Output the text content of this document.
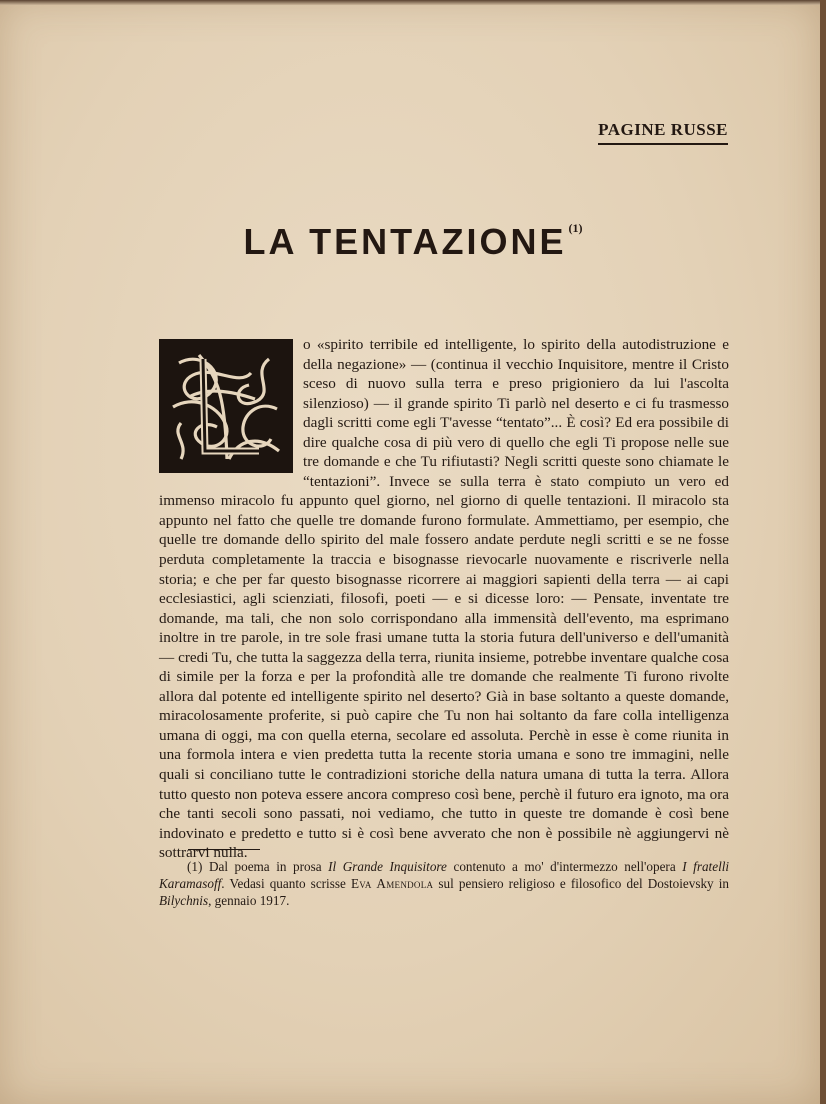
PAGINE RUSSE
LA TENTAZIONE $^{(1)}$

o «spirito terribile ed intelligente, lo spirito della autodistruzione e della negazione» — (continua il vecchio Inquisitore, mentre il Cristo sceso di nuovo sulla terra e preso prigioniero da lui l'ascolta silenzioso) — il grande spirito Ti parlò nel deserto e ci fu trasmesso dagli scritti come egli T'avesse “tentato”... È così? Ed era possibile di dire qualche cosa di più vero di quello che egli Ti propose nelle sue tre domande e che Tu rifiutasti? Negli scritti queste sono chiamate le “tentazioni”. Invece se sulla terra è stato compiuto un vero ed immenso miracolo fu appunto quel giorno, nel giorno di quelle tentazioni. Il miracolo sta appunto nel fatto che quelle tre domande furono formulate. Ammettiamo, per esempio, che quelle tre domande dello spirito del male fossero andate perdute negli scritti e se ne fosse perduta completamente la traccia e bisognasse rievocarle nuovamente e riscriverle nella storia; e che per far questo bisognasse ricorrere ai maggiori sapienti della terra — ai capi ecclesiastici, agli scienziati, filosofi, poeti — e si dicesse loro: — Pensate, inventate tre domande, ma tali, che non solo corrispondano alla immensità dell'evento, ma esprimano inoltre in tre parole, in tre sole frasi umane tutta la storia futura dell'universo e dell'umanità — credi Tu, che tutta la saggezza della terra, riunita insieme, potrebbe inventare qualche cosa di simile per la forza e per la profondità alle tre domande che realmente Ti furono rivolte allora dal potente ed intelligente spirito nel deserto? Già in base soltanto a queste domande, miracolosamente proferite, si può capire che Tu non hai soltanto da fare colla intelligenza umana di oggi, ma con quella eterna, secolare ed assoluta. Perchè in esse è come riunita in una formola intera e vien predetta tutta la recente storia umana e sono tre immagini, nelle quali si conciliano tutte le contradizioni storiche della natura umana di tutta la terra. Allora tutto questo non poteva essere ancora compreso così bene, perchè il futuro era ignoto, ma ora che tanti secoli sono passati, noi vediamo, che tutto in queste tre domande è così bene indovinato e predetto e tutto si è così bene avverato che non è possibile nè aggiungervi nè sottrarvi nulla.

(1) Dal poema in prosa Il Grande Inquisitore contenuto a mo' d'intermezzo nell'opera I fratelli Karamasoff. Vedasi quanto scrisse Eva Amendola sul pensiero religioso e filosofico del Dostoievsky in Bilychnis, gennaio 1917.
